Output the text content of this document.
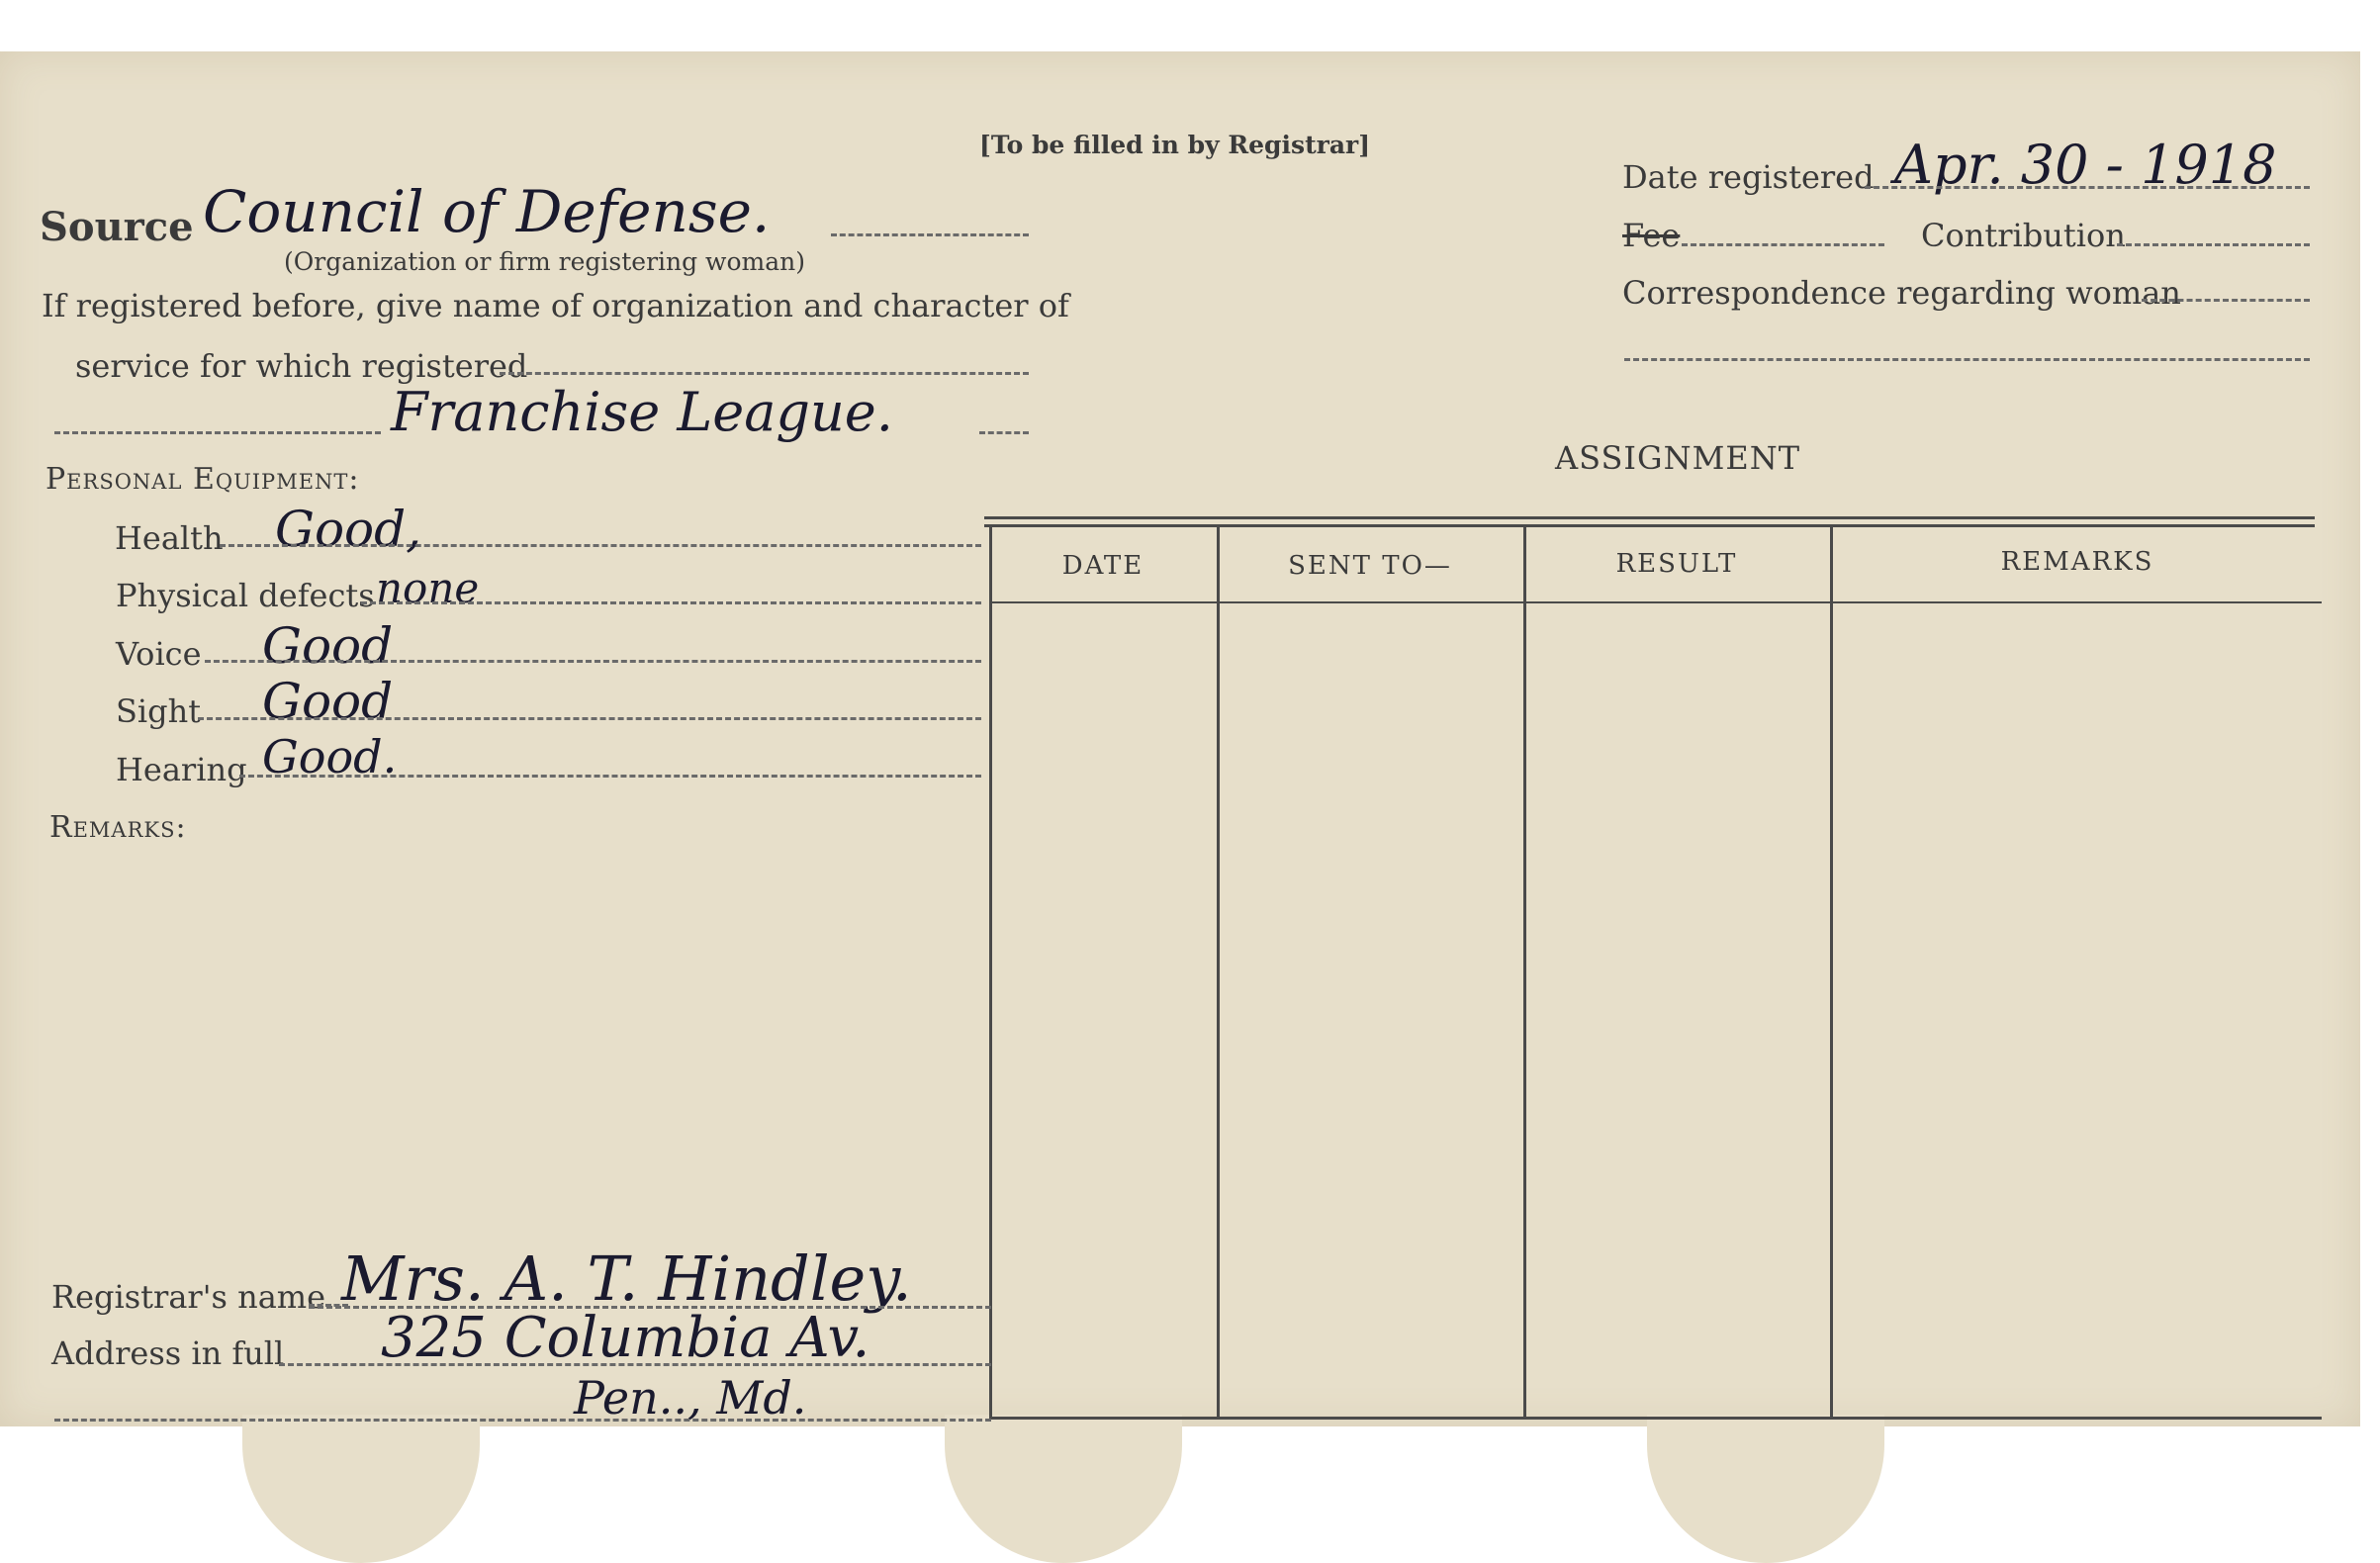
[To be filled in by Registrar]
Source Council of Defense.
(Organization or firm registering woman)
If registered before, give name of organization and character of
service for which registered
Franchise League.
Personal Equipment:
Health Good,
Physical defects none
Voice Good
Sight Good
Hearing Good.
Remarks:
Date registered Apr. 30 - 1918
Fee	Contribution
Correspondence regarding woman
ASSIGNMENT
DATE	SENT TO—	RESULT	REMARKS
Registrar's name Mrs. A. T. Hindley.
Address in full 325 Columbia Av.
Pen.., Md.
